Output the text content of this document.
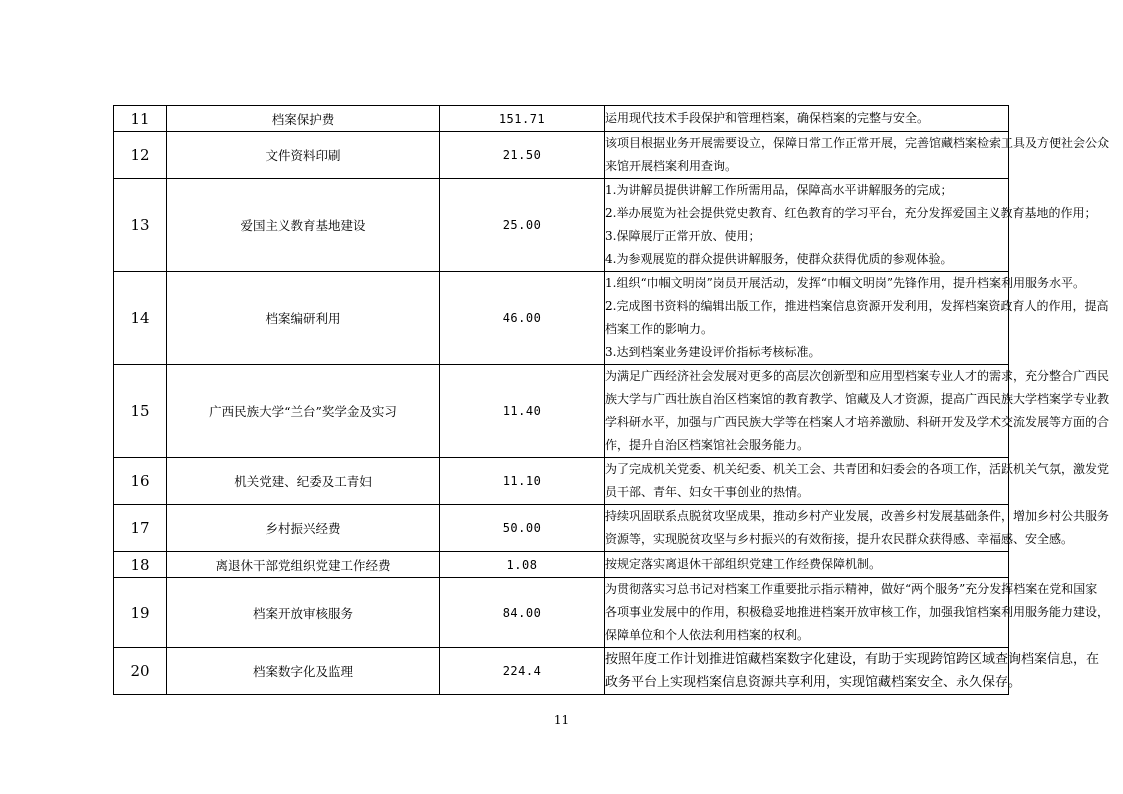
11	档案保护费	151.71	运用现代技术手段保护和管理档案，确保档案的完整与安全。

12	文件资料印刷	21.50	该项目根据业务开展需要设立，保障日常工作正常开展，完善馆藏档案检索工具及方便社会公众
来馆开展档案利用查询。

13	爱国主义教育基地建设	25.00	1.为讲解员提供讲解工作所需用品，保障高水平讲解服务的完成；
2.举办展览为社会提供党史教育、红色教育的学习平台，充分发挥爱国主义教育基地的作用；
3.保障展厅正常开放、使用；
4.为参观展览的群众提供讲解服务，使群众获得优质的参观体验。

14	档案编研利用	46.00	1.组织“巾帼文明岗”岗员开展活动，发挥“巾帼文明岗”先锋作用，提升档案利用服务水平。
2.完成图书资料的编辑出版工作，推进档案信息资源开发利用，发挥档案资政育人的作用，提高
档案工作的影响力。
3.达到档案业务建设评价指标考核标准。

15	广西民族大学“兰台”奖学金及实习	11.40	为满足广西经济社会发展对更多的高层次创新型和应用型档案专业人才的需求，充分整合广西民
族大学与广西壮族自治区档案馆的教育教学、馆藏及人才资源，提高广西民族大学档案学专业教
学科研水平，加强与广西民族大学等在档案人才培养激励、科研开发及学术交流发展等方面的合
作，提升自治区档案馆社会服务能力。

16	机关党建、纪委及工青妇	11.10	为了完成机关党委、机关纪委、机关工会、共青团和妇委会的各项工作，活跃机关气氛，激发党
员干部、青年、妇女干事创业的热情。

17	乡村振兴经费	50.00	持续巩固联系点脱贫攻坚成果，推动乡村产业发展，改善乡村发展基础条件，增加乡村公共服务
资源等，实现脱贫攻坚与乡村振兴的有效衔接，提升农民群众获得感、幸福感、安全感。

18	离退休干部党组织党建工作经费	1.08	按规定落实离退休干部组织党建工作经费保障机制。

19	档案开放审核服务	84.00	为贯彻落实习总书记对档案工作重要批示指示精神，做好“两个服务”充分发挥档案在党和国家
各项事业发展中的作用，积极稳妥地推进档案开放审核工作，加强我馆档案利用服务能力建设，
保障单位和个人依法利用档案的权利。

20	档案数字化及监理	224.4	按照年度工作计划推进馆藏档案数字化建设，有助于实现跨馆跨区域查询档案信息，在
政务平台上实现档案信息资源共享利用，实现馆藏档案安全、永久保存。
11
